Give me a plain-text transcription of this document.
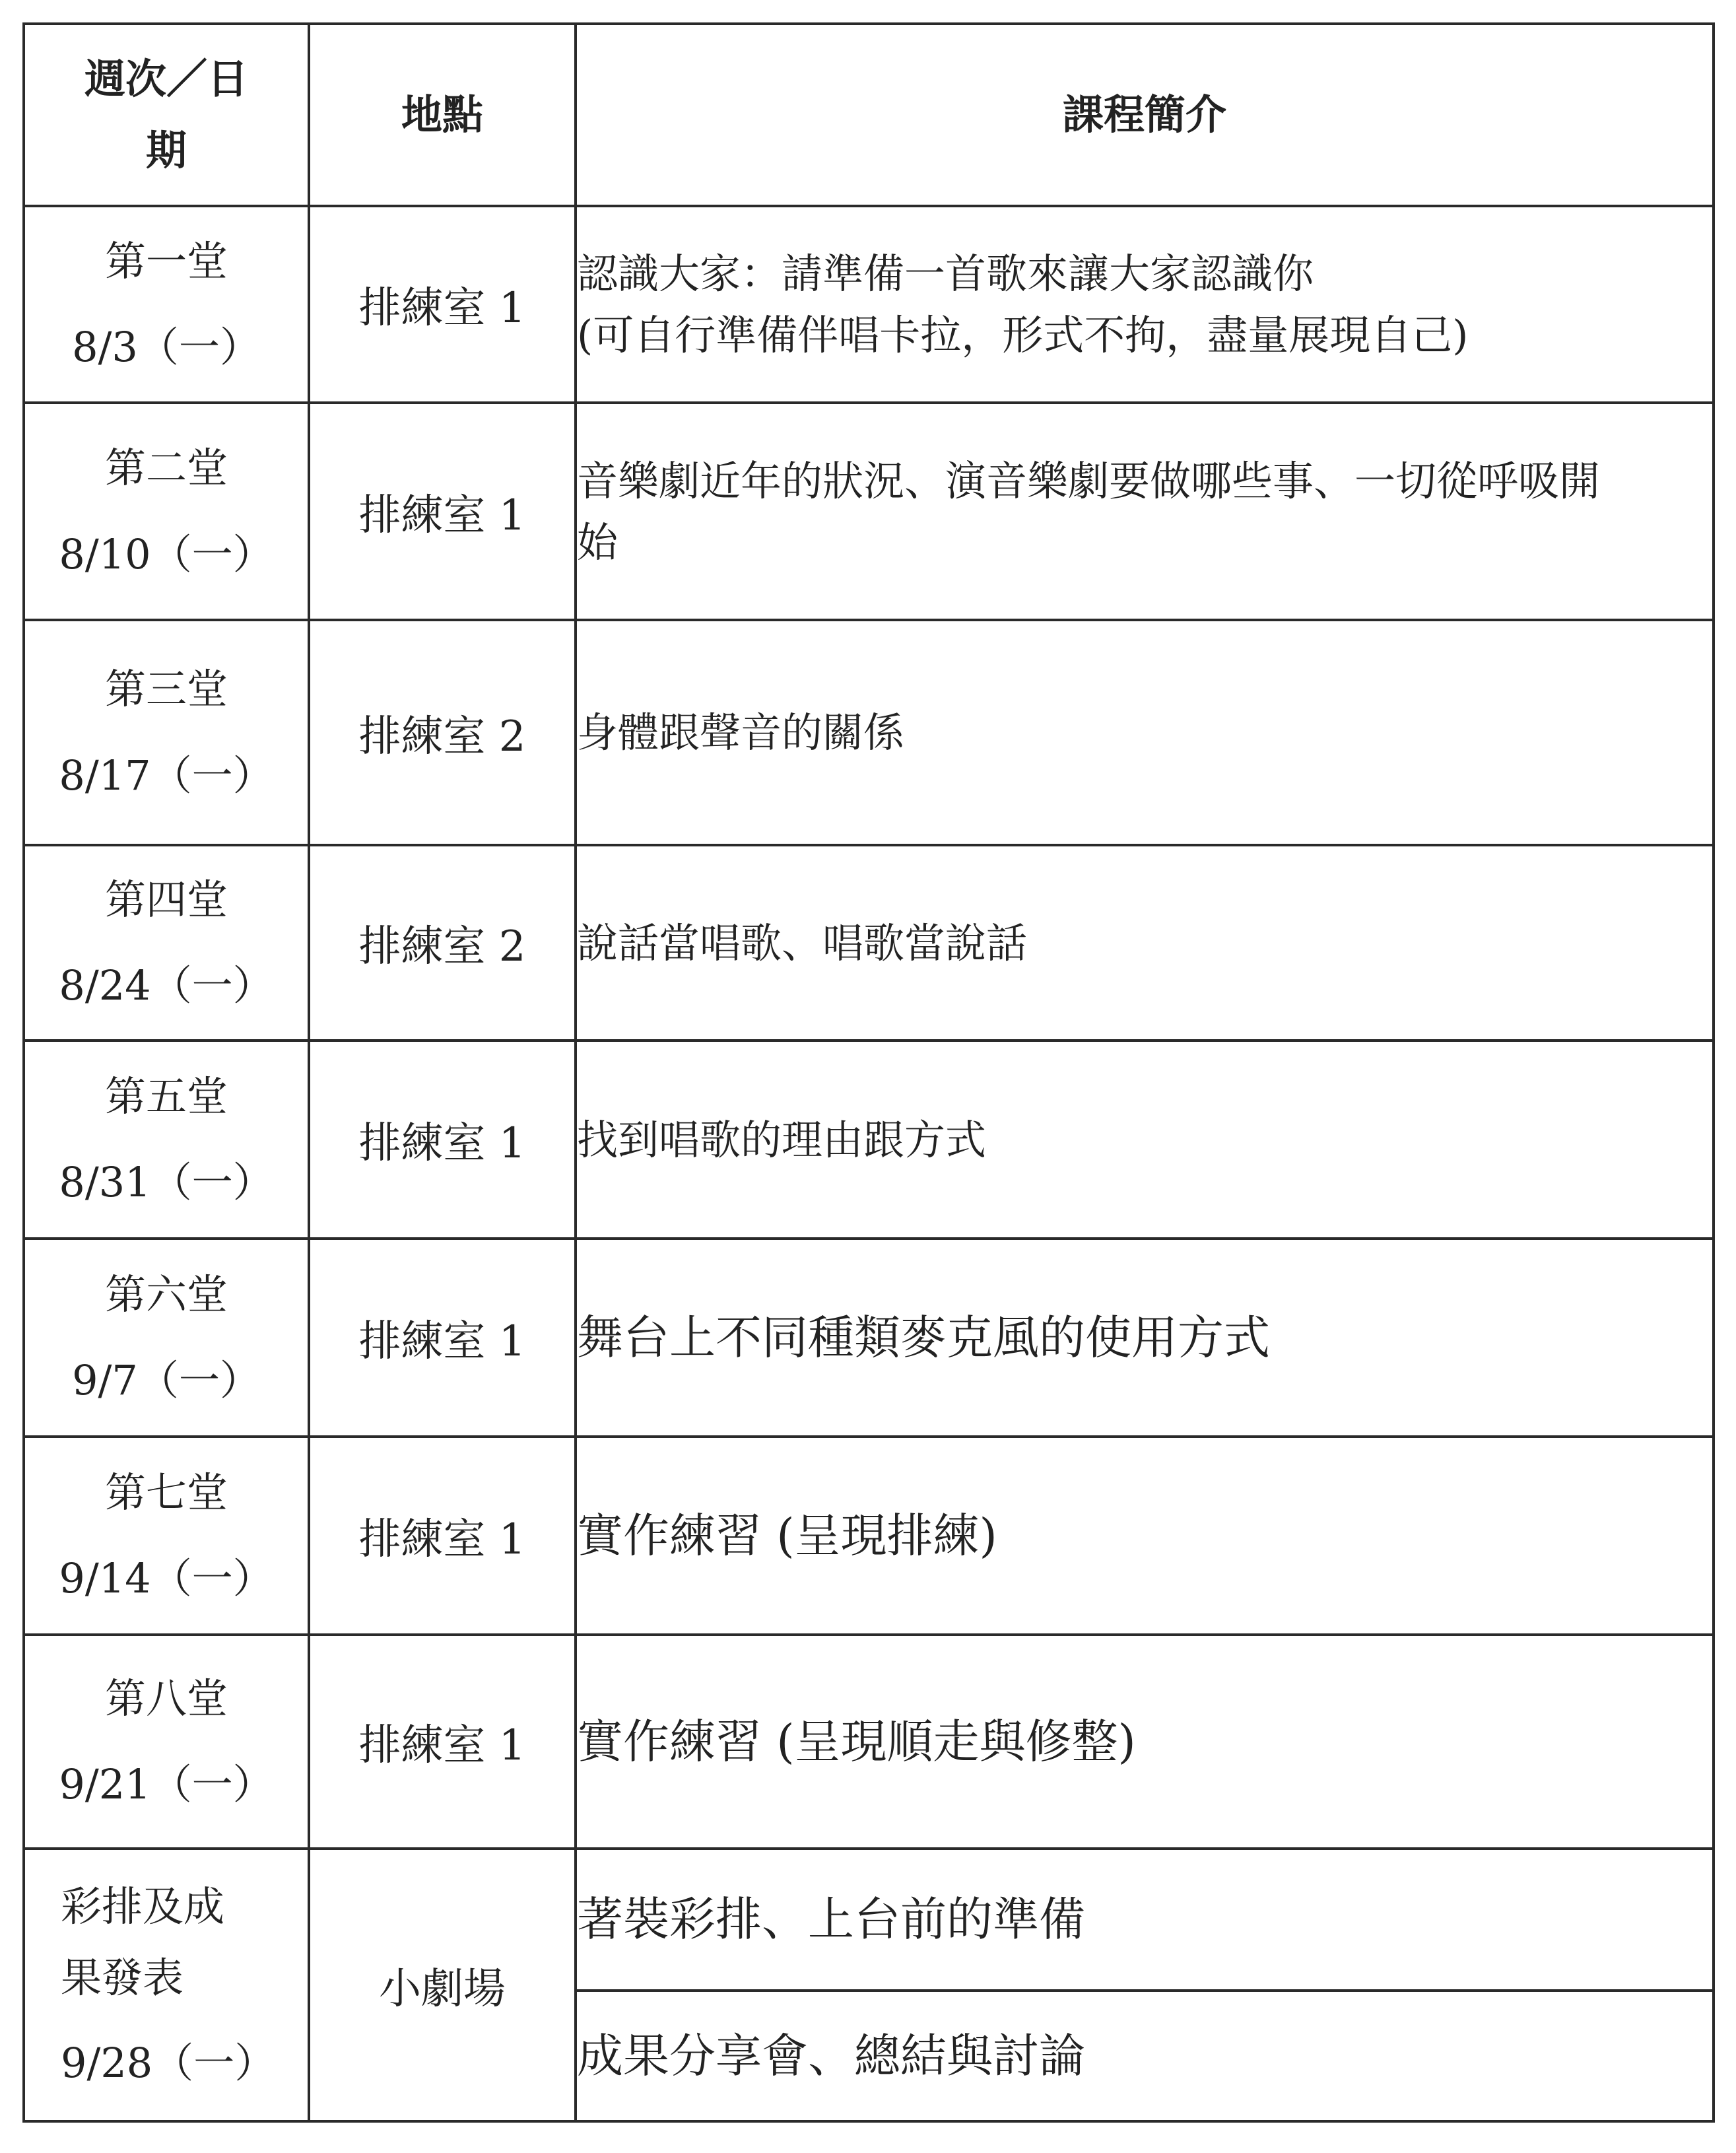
週次／日
期	地點	課程簡介

第一堂
8/3（一）	排練室 1	認識大家：請準備一首歌來讓大家認識你
(可自行準備伴唱卡拉，形式不拘，盡量展現自己)

第二堂
8/10（一）	排練室 1	音樂劇近年的狀況、演音樂劇要做哪些事、一切從呼吸開
始

第三堂
8/17（一）	排練室 2	身體跟聲音的關係

第四堂
8/24（一）	排練室 2	說話當唱歌、唱歌當說話

第五堂
8/31（一）	排練室 1	找到唱歌的理由跟方式

第六堂
9/7（一）	排練室 1	舞台上不同種類麥克風的使用方式

第七堂
9/14（一）	排練室 1	實作練習 (呈現排練)

第八堂
9/21（一）	排練室 1	實作練習 (呈現順走與修整)

彩排及成
果發表
9/28（一）	小劇場	著裝彩排、上台前的準備

		成果分享會、總結與討論
